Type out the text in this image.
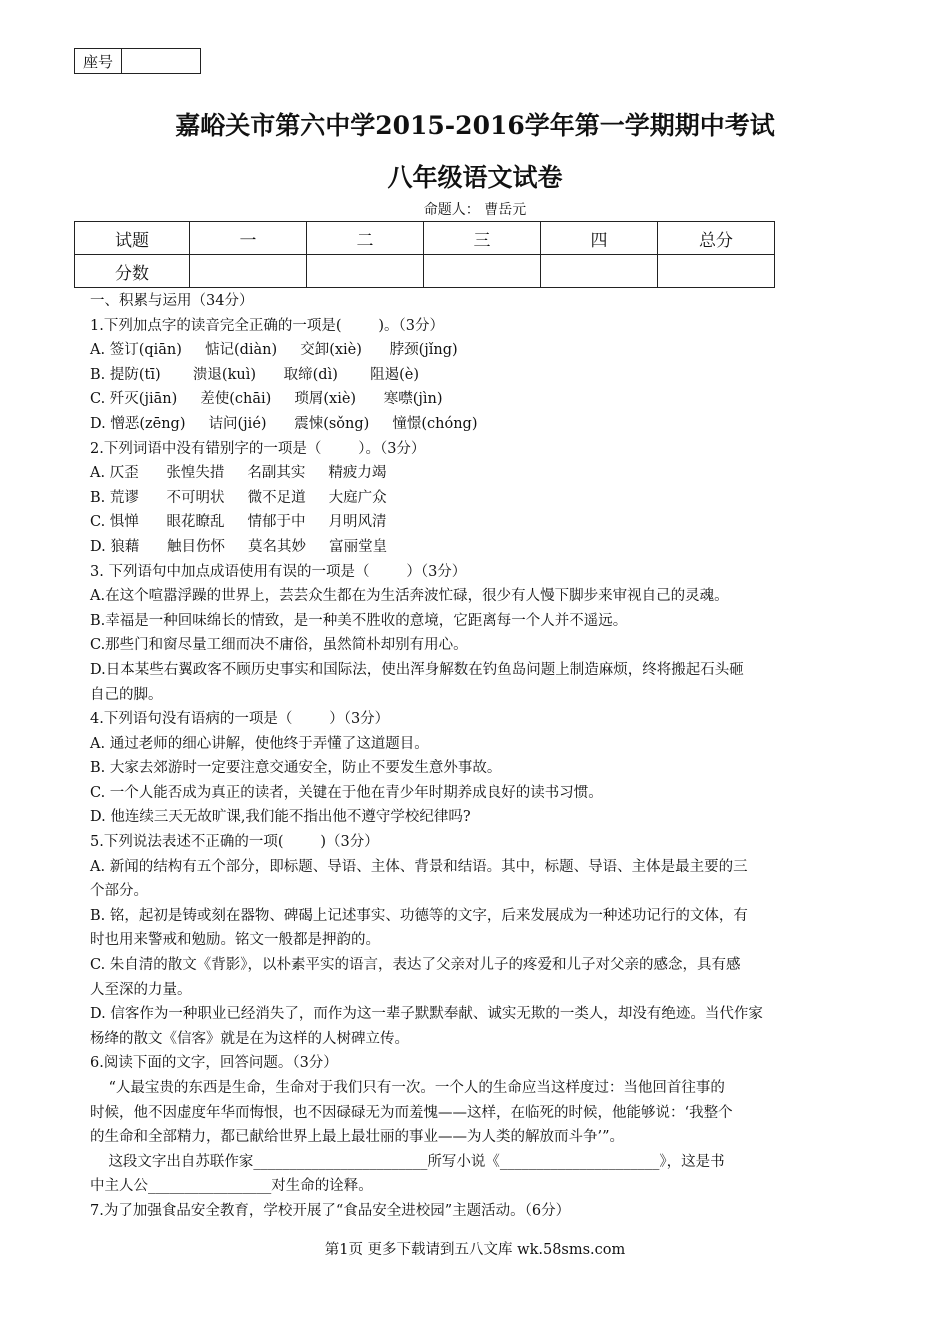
座号	
嘉峪关市第六中学2015-2016学年第一学期期中考试
八年级语文试卷
命题人： 曹岳元
试题	一	二	三	四	总分
分数					

一、积累与运用（34分）

1.下列加点字的读音完全正确的一项是(        )。（3分）

A. 签订(qiān)     惦记(diàn)     交卸(xiè)      脖颈(jǐng)

B. 提防(tī)       溃退(kuì)      取缔(dì)       阻遏(è)

C. 歼灭(jiān)     差使(chāi)     琐屑(xiè)      寒噤(jìn)

D. 憎恶(zēng)     诘问(jié)      震悚(sǒng)     憧憬(chóng)

2.下列词语中没有错别字的一项是（        ）。（3分）

A. 仄歪      张惶失措     名副其实     精疲力竭

B. 荒谬      不可明状     微不足道     大庭广众

C. 惧惮      眼花瞭乱     情郁于中     月明风清

D. 狼藉      触目伤怀     莫名其妙     富丽堂皇

3. 下列语句中加点成语使用有误的一项是（        ）（3分）

A.在这个喧嚣浮躁的世界上，芸芸众生都在为生活奔波忙碌，很少有人慢下脚步来审视自己的灵魂。

B.幸福是一种回味绵长的情致，是一种美不胜收的意境，它距离每一个人并不遥远。

C.那些门和窗尽量工细而决不庸俗，虽然简朴却别有用心。

D.日本某些右翼政客不顾历史事实和国际法，使出浑身解数在钓鱼岛问题上制造麻烦，终将搬起石头砸

自己的脚。

4.下列语句没有语病的一项是（        ）（3分）

A. 通过老师的细心讲解，使他终于弄懂了这道题目。

B. 大家去郊游时一定要注意交通安全，防止不要发生意外事故。

C. 一个人能否成为真正的读者，关键在于他在青少年时期养成良好的读书习惯。

D. 他连续三天无故旷课,我们能不指出他不遵守学校纪律吗?

5.下列说法表述不正确的一项(        )（3分）

A. 新闻的结构有五个部分，即标题、导语、主体、背景和结语。其中，标题、导语、主体是最主要的三

个部分。

B. 铭，起初是铸或刻在器物、碑碣上记述事实、功德等的文字，后来发展成为一种述功记行的文体，有

时也用来警戒和勉励。铭文一般都是押韵的。

C. 朱自清的散文《背影》，以朴素平实的语言，表达了父亲对儿子的疼爱和儿子对父亲的感念，具有感

人至深的力量。

D. 信客作为一种职业已经消失了，而作为这一辈子默默奉献、诚实无欺的一类人，却没有绝迹。当代作家

杨绛的散文《信客》就是在为这样的人树碑立传。

6.阅读下面的文字，回答问题。（3分）

“人最宝贵的东西是生命，生命对于我们只有一次。一个人的生命应当这样度过：当他回首往事的

时候，他不因虚度年华而悔恨，也不因碌碌无为而羞愧——这样，在临死的时候，他能够说：‘我整个

的生命和全部精力，都已献给世界上最上最壮丽的事业——为人类的解放而斗争’”。

这段文字出自苏联作家________________________所写小说《______________________》，这是书

中主人公_________________对生命的诠释。

7.为了加强食品安全教育，学校开展了“食品安全进校园”主题活动。（6分）

第1页 更多下载请到五八文库 wk.58sms.com
